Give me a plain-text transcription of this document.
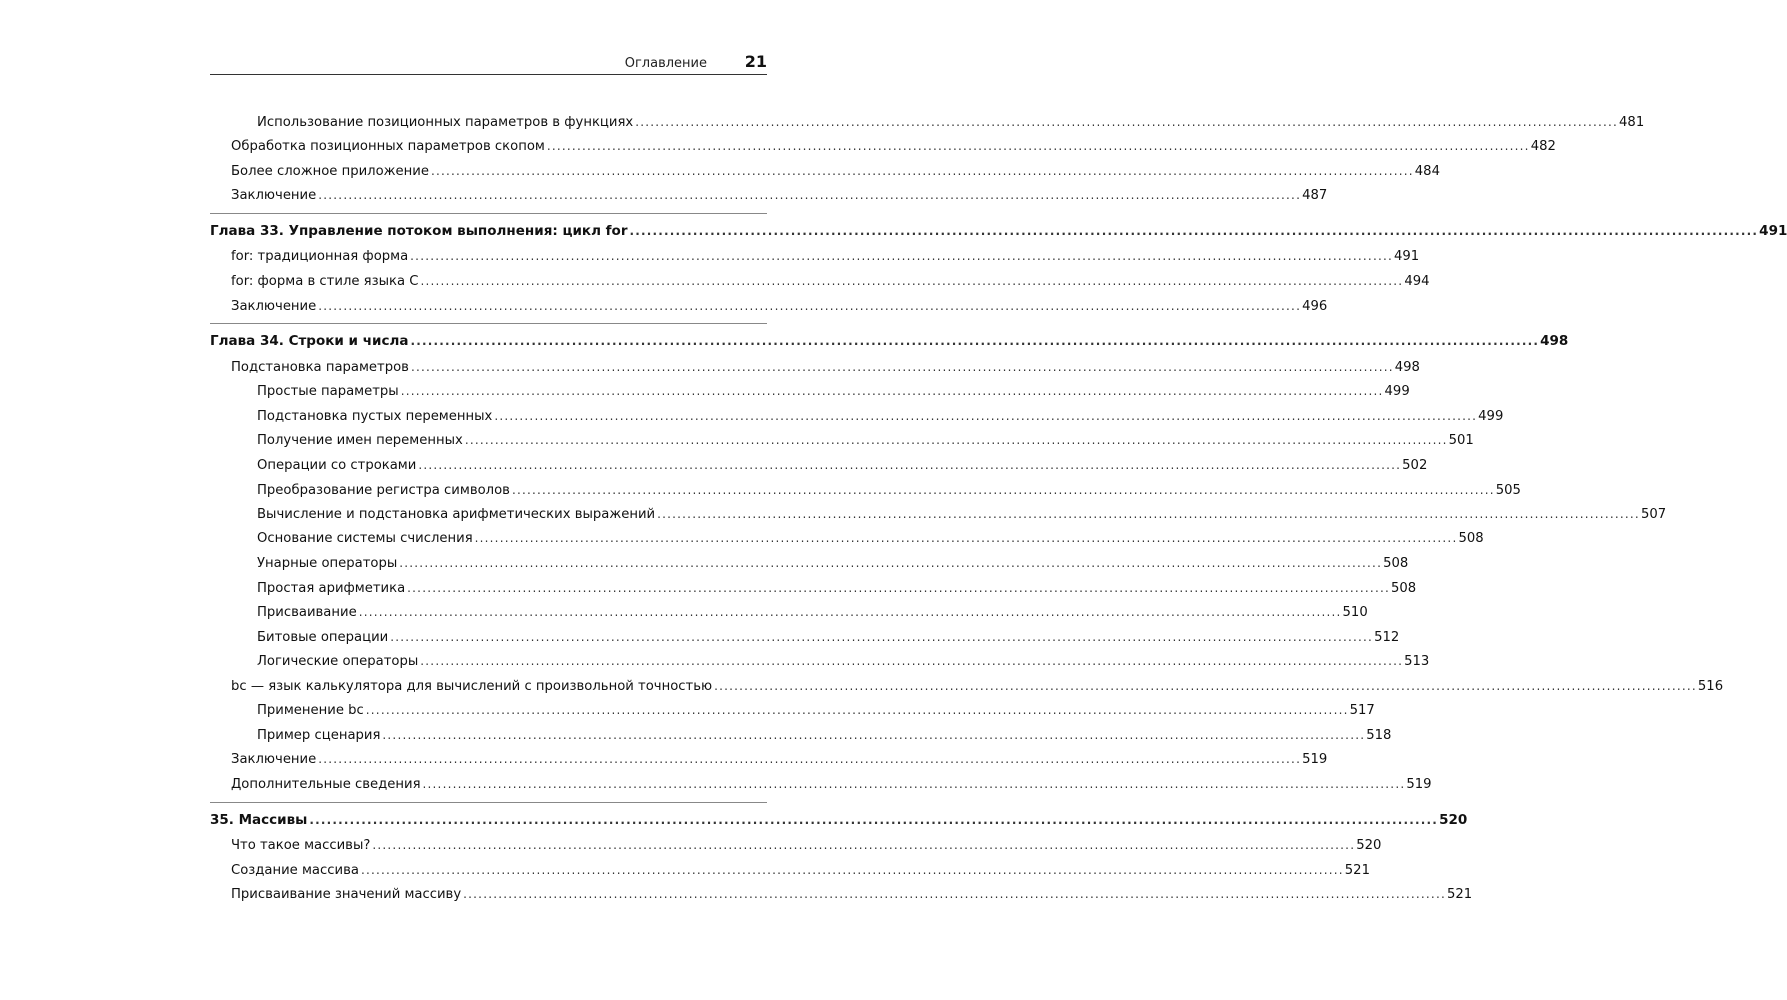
Оглавление 21
Использование позиционных параметров в функциях .................................................................................................................................................................................................... 481
Обработка позиционных параметров скопом .................................................................................................................................................................................................... 482
Более сложное приложение .................................................................................................................................................................................................... 484
Заключение .................................................................................................................................................................................................... 487
Глава 33. Управление потоком выполнения: цикл for .................................................................................................................................................................................................... 491
for: традиционная форма .................................................................................................................................................................................................... 491
for: форма в стиле языка C .................................................................................................................................................................................................... 494
Заключение .................................................................................................................................................................................................... 496
Глава 34. Строки и числа .................................................................................................................................................................................................... 498
Подстановка параметров .................................................................................................................................................................................................... 498
Простые параметры .................................................................................................................................................................................................... 499
Подстановка пустых переменных .................................................................................................................................................................................................... 499
Получение имен переменных .................................................................................................................................................................................................... 501
Операции со строками .................................................................................................................................................................................................... 502
Преобразование регистра символов .................................................................................................................................................................................................... 505
Вычисление и подстановка арифметических выражений .................................................................................................................................................................................................... 507
Основание системы счисления .................................................................................................................................................................................................... 508
Унарные операторы .................................................................................................................................................................................................... 508
Простая арифметика .................................................................................................................................................................................................... 508
Присваивание .................................................................................................................................................................................................... 510
Битовые операции .................................................................................................................................................................................................... 512
Логические операторы .................................................................................................................................................................................................... 513
bc — язык калькулятора для вычислений с произвольной точностью .................................................................................................................................................................................................... 516
Применение bc .................................................................................................................................................................................................... 517
Пример сценария .................................................................................................................................................................................................... 518
Заключение .................................................................................................................................................................................................... 519
Дополнительные сведения .................................................................................................................................................................................................... 519
35. Массивы .................................................................................................................................................................................................... 520
Что такое массивы? .................................................................................................................................................................................................... 520
Создание массива .................................................................................................................................................................................................... 521
Присваивание значений массиву .................................................................................................................................................................................................... 521
